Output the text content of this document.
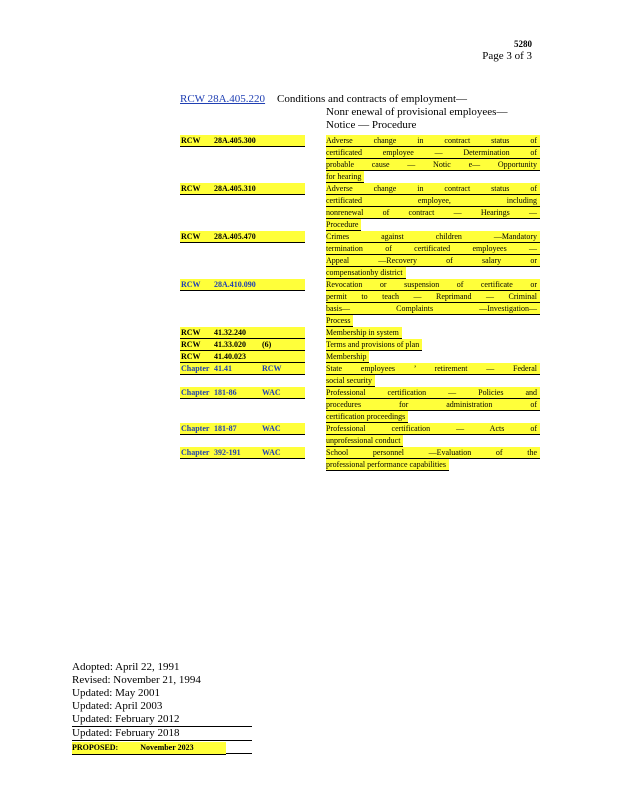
5280
Page 3 of 3
RCW 28A.405.220 Conditions and contracts of employment—
Nonr enewal of provisional employees—
Notice — Procedure
RCW 28A.405.300	Adverse change in contract status of
certificated employee — Determination of
probable cause — Notic e— Opportunity
for hearing
RCW 28A.405.310	Adverse change in contract status of
certificated employee, including
nonrenewal of contract — Hearings —
Procedure
RCW 28A.405.470	Crimes against children —Mandatory
termination of certificated employees —
Appeal —Recovery of salary or
compensationby district
RCW 28A.410.090	Revocation or suspension of certificate or
permit to teach — Reprimand — Criminal
basis— Complaints —Investigation—
Process
RCW 41.32.240	Membership in system
RCW 41.33.020 (6)	Terms and provisions of plan
RCW 41.40.023	Membership
Chapter 41.41	RCW	State employees ’ retirement — Federal
social security
Chapter 181-86	WAC	Professional certification — Policies and
procedures for administration of
certification proceedings
Chapter 181-87	WAC	Professional certification — Acts of
unprofessional conduct
Chapter 392-191	WAC	School personnel —Evaluation of the
professional performance capabilities
Adopted: April 22, 1991
Revised: November 21, 1994
Updated: May 2001
Updated: April 2003
Updated: February 2012
Updated: February 2018
PROPOSED:	November 2023
